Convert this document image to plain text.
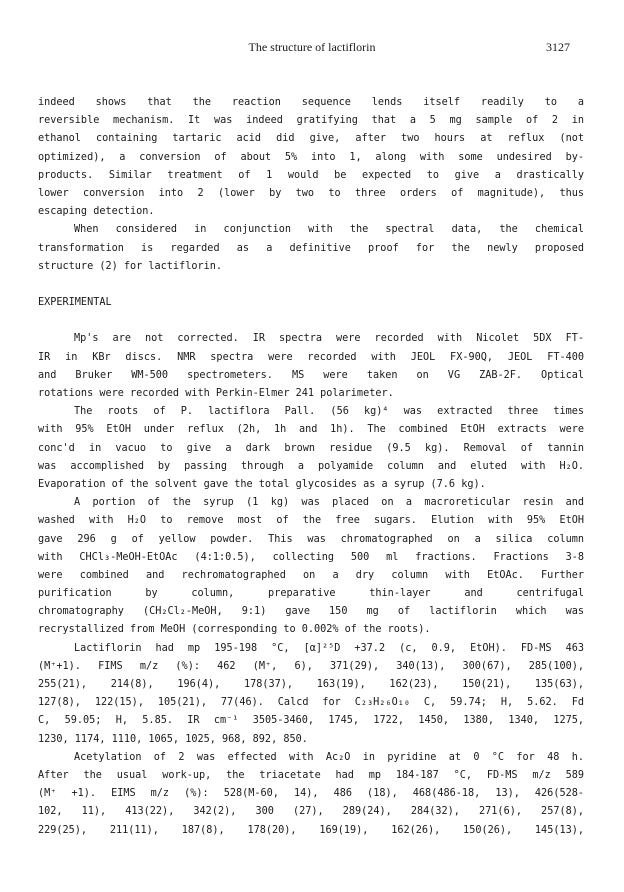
The structure of lactiflorin	3127
indeed shows that the reaction sequence lends itself readily to a
reversible mechanism. It was indeed gratifying that a 5 mg sample of 2 in
ethanol containing tartaric acid did give, after two hours at reflux (not
optimized), a conversion of about 5% into 1, along with some undesired by-
products. Similar treatment of 1 would be expected to give a drastically
lower conversion into 2 (lower by two to three orders of magnitude), thus
escaping detection.
When considered in conjunction with the spectral data, the chemical
transformation is regarded as a definitive proof for the newly proposed
structure (2) for lactiflorin.
EXPERIMENTAL
Mp's are not corrected. IR spectra were recorded with Nicolet 5DX FT-
IR in KBr discs. NMR spectra were recorded with JEOL FX-90Q, JEOL FT-400
and Bruker WM-500 spectrometers. MS were taken on VG ZAB-2F. Optical
rotations were recorded with Perkin-Elmer 241 polarimeter.
The roots of P. lactiflora Pall. (56 kg)⁴ was extracted three times
with 95% EtOH under reflux (2h, 1h and 1h). The combined EtOH extracts were
conc'd in vacuo to give a dark brown residue (9.5 kg). Removal of tannin
was accomplished by passing through a polyamide column and eluted with H₂O.
Evaporation of the solvent gave the total glycosides as a syrup (7.6 kg).
A portion of the syrup (1 kg) was placed on a macroreticular resin and
washed with H₂O to remove most of the free sugars. Elution with 95% EtOH
gave 296 g of yellow powder. This was chromatographed on a silica column
with CHCl₃-MeOH-EtOAc (4:1:0.5), collecting 500 ml fractions. Fractions 3-8
were combined and rechromatographed on a dry column with EtOAc. Further
purification by column, preparative thin-layer and centrifugal
chromatography (CH₂Cl₂-MeOH, 9:1) gave 150 mg of lactiflorin which was
recrystallized from MeOH (corresponding to 0.002% of the roots).
Lactiflorin had mp 195-198 °C, [α]²⁵D +37.2 (c, 0.9, EtOH). FD-MS 463
(M⁺+1). FIMS m/z (%): 462 (M⁺, 6), 371(29), 340(13), 300(67), 285(100),
255(21), 214(8), 196(4), 178(37), 163(19), 162(23), 150(21), 135(63),
127(8), 122(15), 105(21), 77(46). Calcd for C₂₃H₂₆O₁₀ C, 59.74; H, 5.62. Fd
C, 59.05; H, 5.85. IR cm⁻¹ 3505-3460, 1745, 1722, 1450, 1380, 1340, 1275,
1230, 1174, 1110, 1065, 1025, 968, 892, 850.
Acetylation of 2 was effected with Ac₂O in pyridine at 0 °C for 48 h.
After the usual work-up, the triacetate had mp 184-187 °C, FD-MS m/z 589
(M⁺ +1). EIMS m/z (%): 528(M-60, 14), 486 (18), 468(486-18, 13), 426(528-
102, 11), 413(22), 342(2), 300 (27), 289(24), 284(32), 271(6), 257(8),
229(25), 211(11), 187(8), 178(20), 169(19), 162(26), 150(26), 145(13),
